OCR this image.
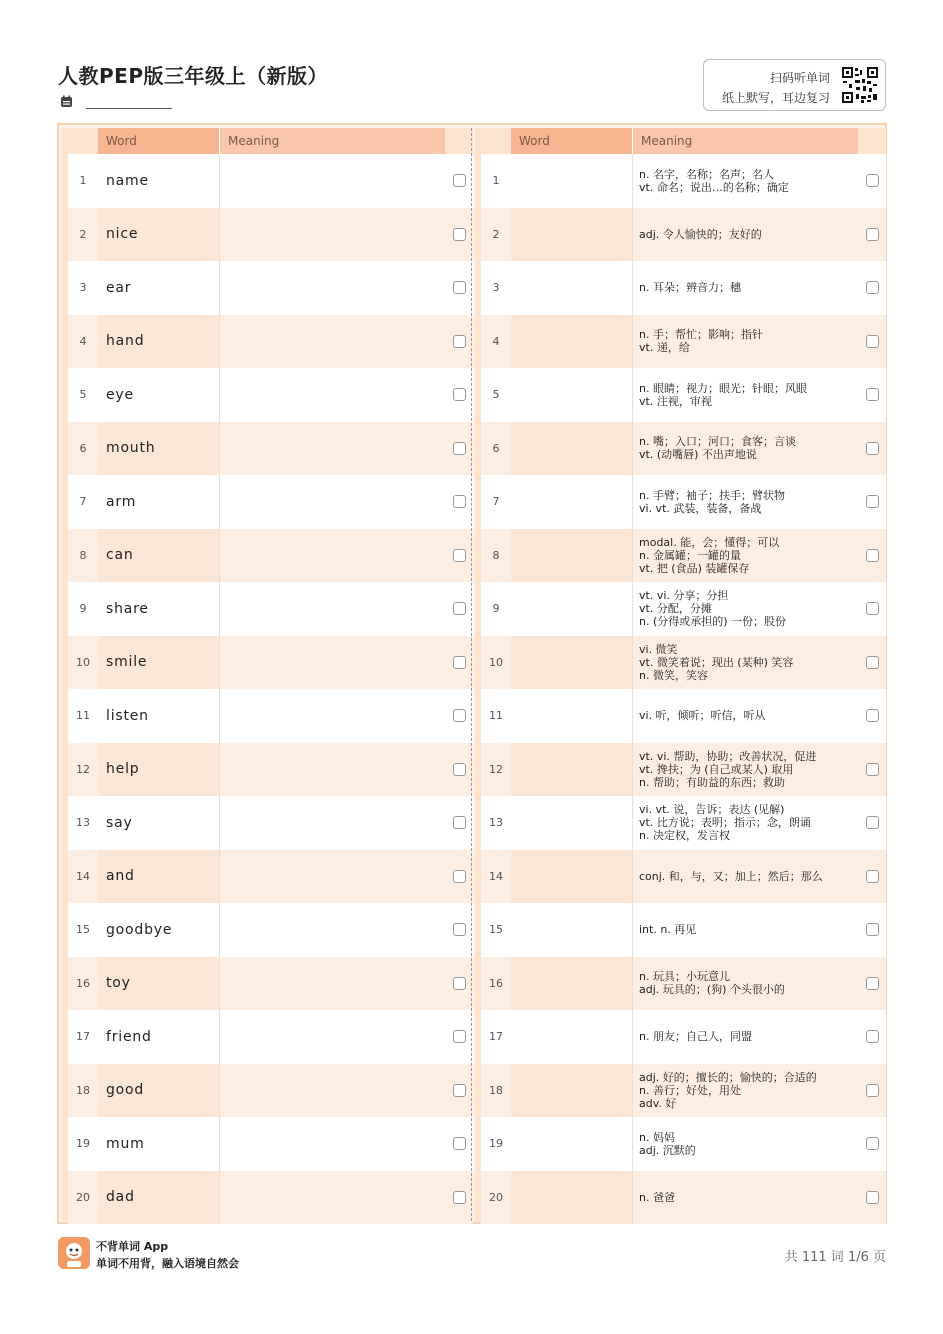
人教PEP版三年级上（新版）	扫码听单词
纸上默写，耳边复习
Word	Meaning
1	name
2	nice
3	ear
4	hand
5	eye
6	mouth
7	arm
8	can
9	share
10	smile
11	listen
12	help
13	say
14	and
15	goodbye
16	toy
17	friend
18	good
19	mum
20	dad
Word	Meaning
1	n. 名字，名称；名声；名人
vt. 命名；说出…的名称；确定
2	adj. 令人愉快的；友好的
3	n. 耳朵；辨音力；穗
4	n. 手；帮忙；影响；指针
vt. 递，给
5	n. 眼睛；视力；眼光；针眼；风眼
vt. 注视，审视
6	n. 嘴；入口；河口；食客；言谈
vt. (动嘴唇) 不出声地说
7	n. 手臂；袖子；扶手；臂状物
vi. vt. 武装，装备，备战
8
modal. 能，会；懂得；可以
n. 金属罐；一罐的量
vt. 把 (食品) 装罐保存
9
vt. vi. 分享；分担
vt. 分配，分摊
n. (分得或承担的) 一份；股份
10
vi. 微笑
vt. 微笑着说；现出 (某种) 笑容
n. 微笑，笑容
11	vi. 听，倾听；听信，听从
12
vt. vi. 帮助，协助；改善状况，促进
vt. 搀扶；为 (自己或某人) 取用
n. 帮助；有助益的东西；救助
13
vi. vt. 说，告诉；表达 (见解)
vt. 比方说；表明；指示；念，朗诵
n. 决定权，发言权
14	conj. 和，与，又；加上；然后；那么
15	int. n. 再见
16	n. 玩具；小玩意儿
adj. 玩具的；(狗) 个头很小的
17	n. 朋友；自己人，同盟
18
adj. 好的；擅长的；愉快的；合适的
n. 善行；好处，用处
adv. 好
19	n. 妈妈
adj. 沉默的
20	n. 爸爸
不背单词 App
单词不用背，融入语境自然会	共 111 词 1/6 页
